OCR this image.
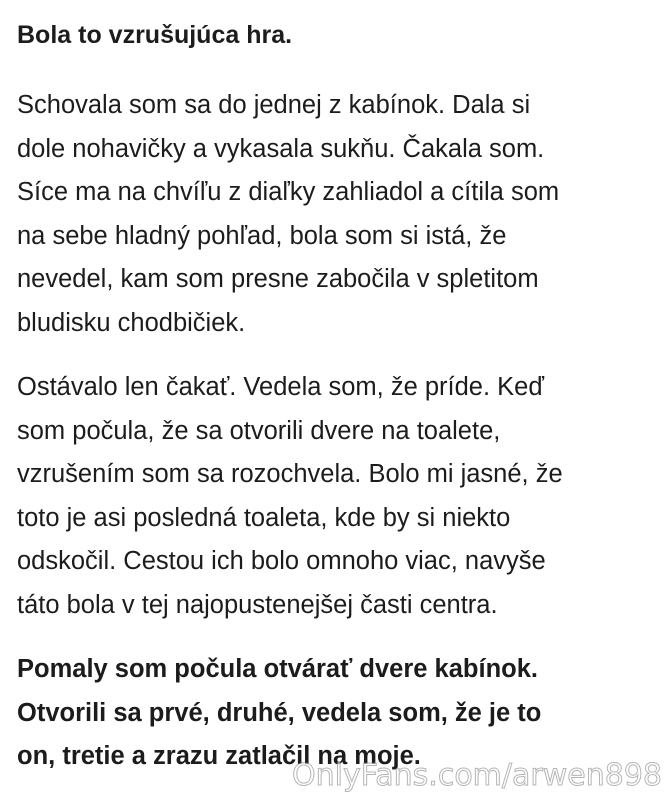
Bola to vzrušujúca hra.
Schovala som sa do jednej z kabínok. Dala si
dole nohavičky a vykasala sukňu. Čakala som.
Síce ma na chvíľu z diaľky zahliadol a cítila som
na sebe hladný pohľad, bola som si istá, že
nevedel, kam som presne zabočila v spletitom
bludisku chodbičiek.
Ostávalo len čakať. Vedela som, že príde. Keď
som počula, že sa otvorili dvere na toalete,
vzrušením som sa rozochvela. Bolo mi jasné, že
toto je asi posledná toaleta, kde by si niekto
odskočil. Cestou ich bolo omnoho viac, navyše
táto bola v tej najopustenejšej časti centra.
Pomaly som počula otvárať dvere kabínok.
Otvorili sa prvé, druhé, vedela som, že je to
on, tretie a zrazu zatlačil na moje.
OnlyFans.com/arwen898
